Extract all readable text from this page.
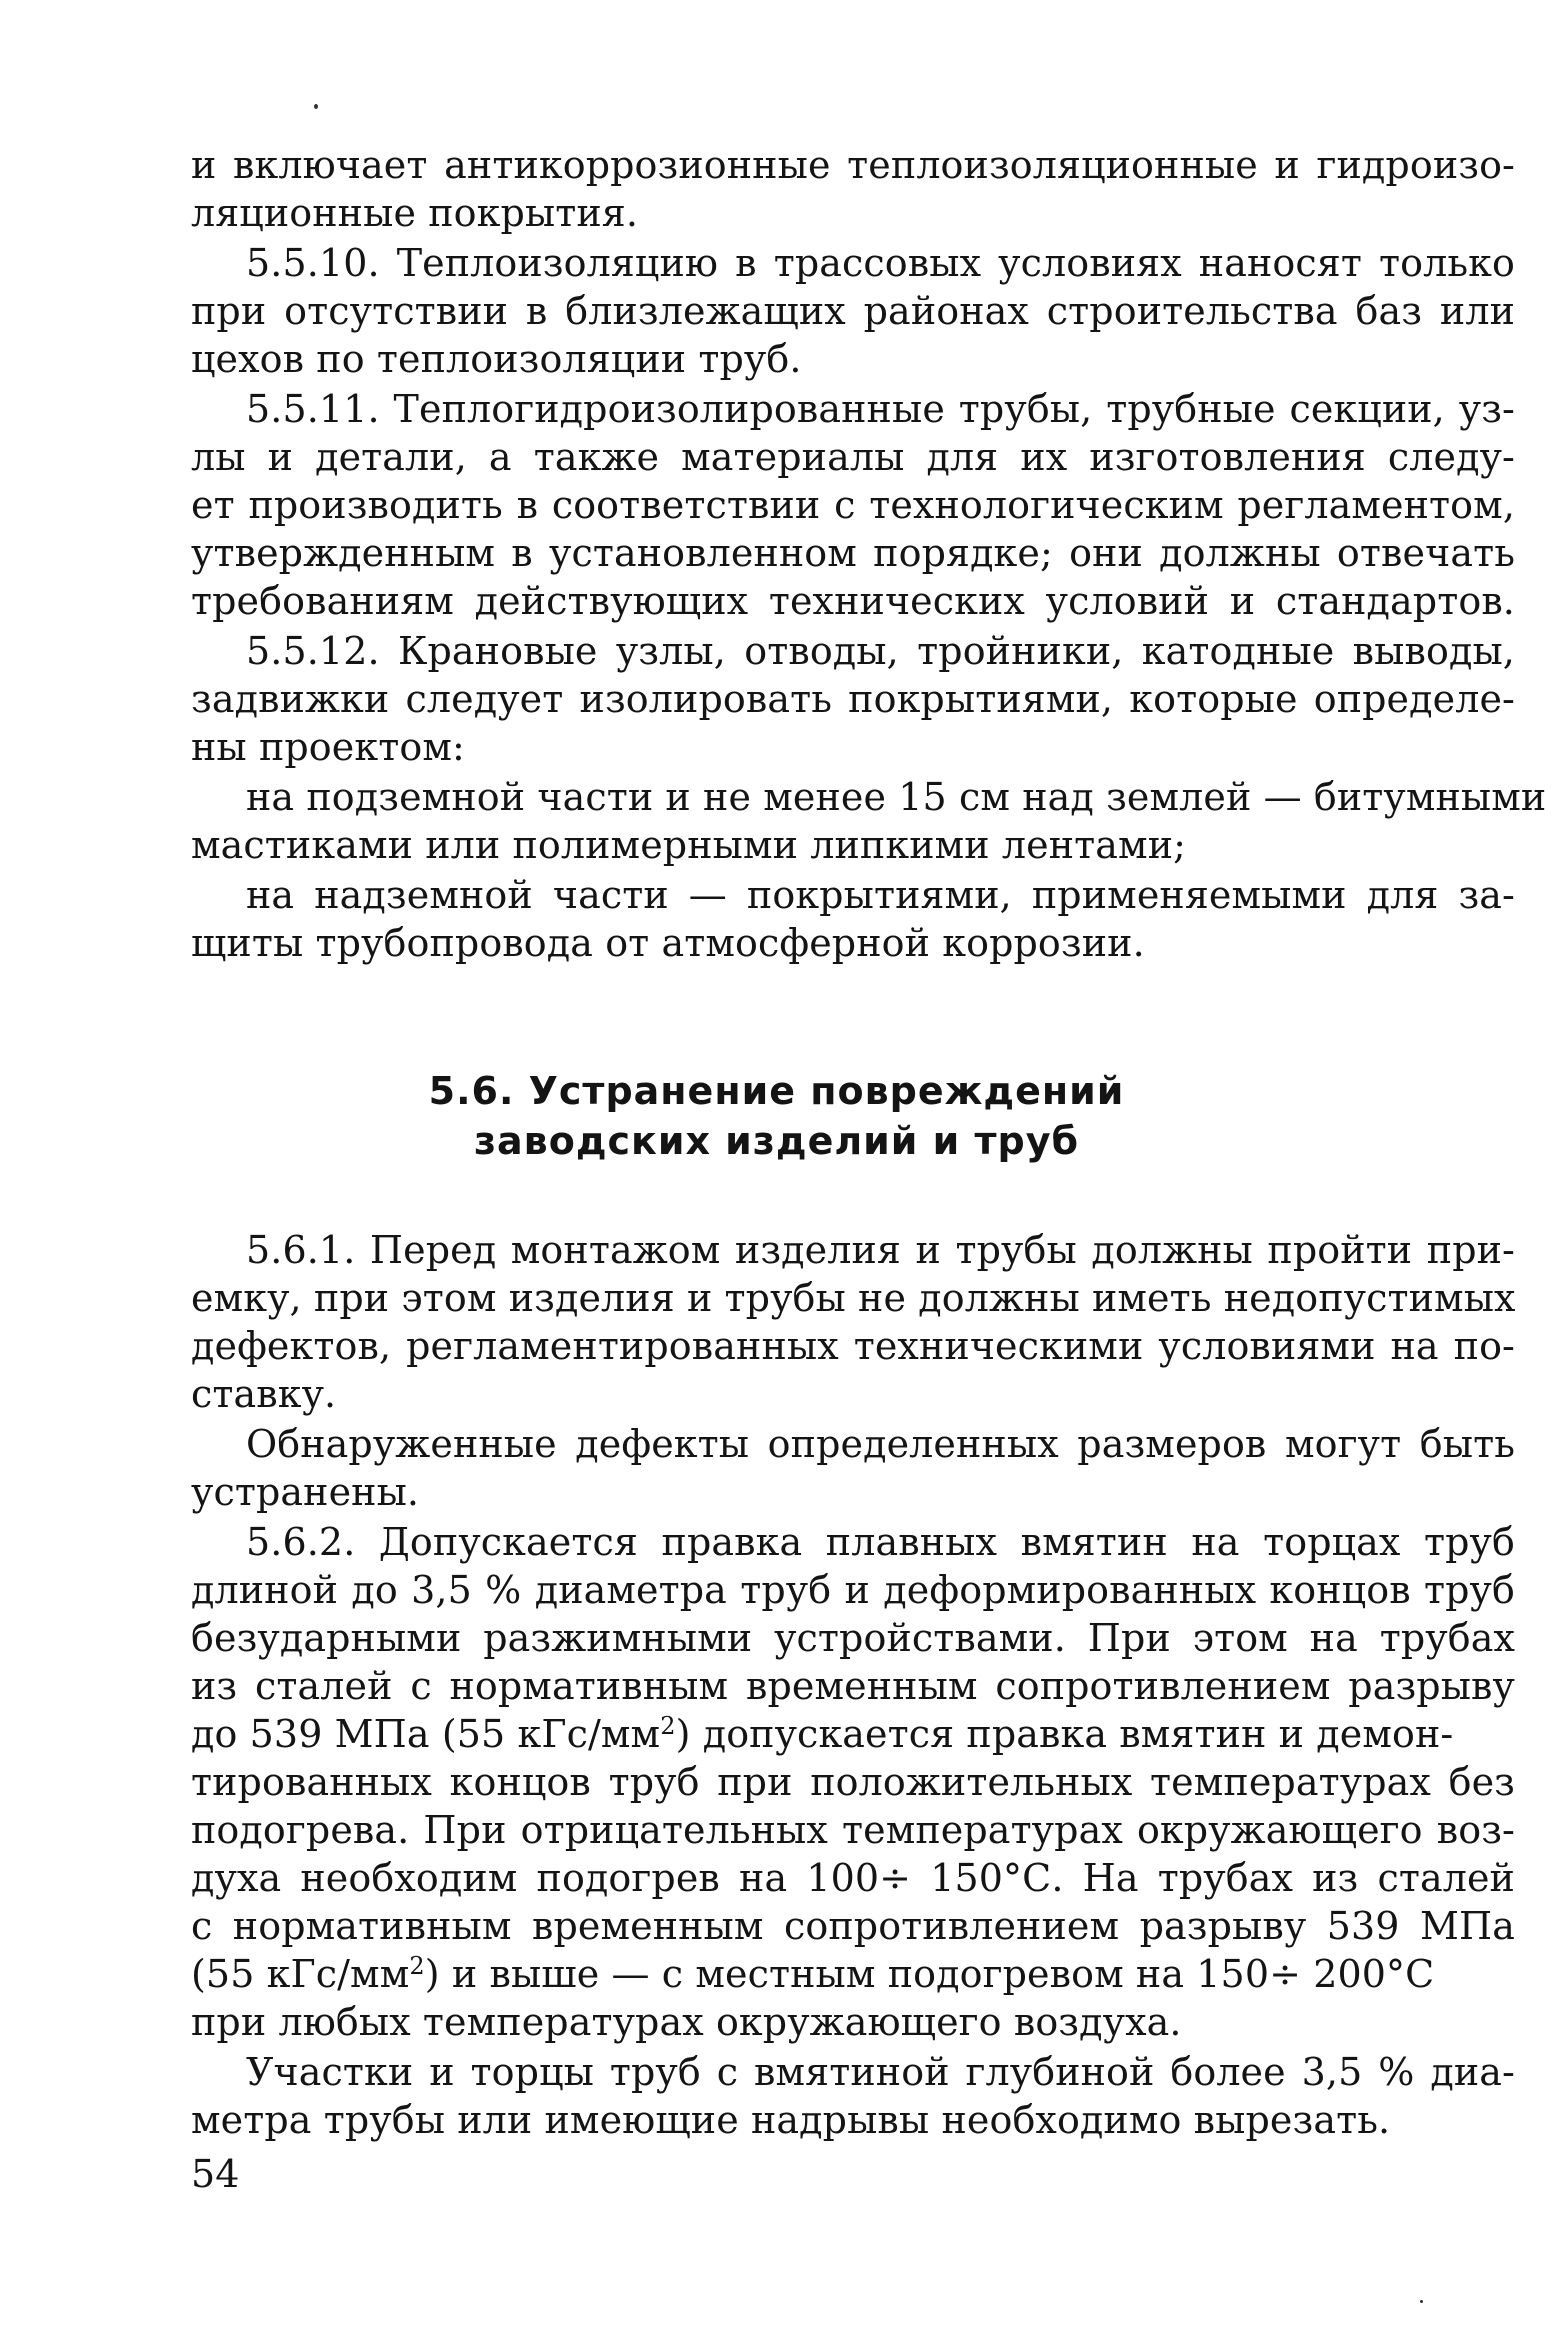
и включает антикоррозионные теплоизоляционные и гидроизо-
ляционные покрытия.
5.5.10. Теплоизоляцию в трассовых условиях наносят только
при отсутствии в близлежащих районах строительства баз или
цехов по теплоизоляции труб.
5.5.11. Теплогидроизолированные трубы, трубные секции, уз-
лы и детали, а также материалы для их изготовления следу-
ет производить в соответствии с технологическим регламентом,
утвержденным в установленном порядке; они должны отвечать
требованиям действующих технических условий и стандартов.
5.5.12. Крановые узлы, отводы, тройники, катодные выводы,
задвижки следует изолировать покрытиями, которые определе-
ны проектом:
на подземной части и не менее 15 см над землей — битумными
мастиками или полимерными липкими лентами;
на надземной части — покрытиями, применяемыми для за-
щиты трубопровода от атмосферной коррозии.
5.6. Устранение повреждений
заводских изделий и труб
5.6.1. Перед монтажом изделия и трубы должны пройти при-
емку, при этом изделия и трубы не должны иметь недопустимых
дефектов, регламентированных техническими условиями на по-
ставку.
Обнаруженные дефекты определенных размеров могут быть
устранены.
5.6.2. Допускается правка плавных вмятин на торцах труб
длиной до 3,5 % диаметра труб и деформированных концов труб
безударными разжимными устройствами. При этом на трубах
из сталей с нормативным временным сопротивлением разрыву
до 539 МПа (55 кГс/$мм^2$) допускается правка вмятин и демон-
тированных концов труб при положительных температурах без
подогрева. При отрицательных температурах окружающего воз-
духа необходим подогрев на 100÷ 150°С. На трубах из сталей
с нормативным временным сопротивлением разрыву 539 МПа
(55 кГс/$мм^2$) и выше — с местным подогревом на 150÷ 200°С
при любых температурах окружающего воздуха.
Участки и торцы труб с вмятиной глубиной более 3,5 % диа-
метра трубы или имеющие надрывы необходимо вырезать.
54
